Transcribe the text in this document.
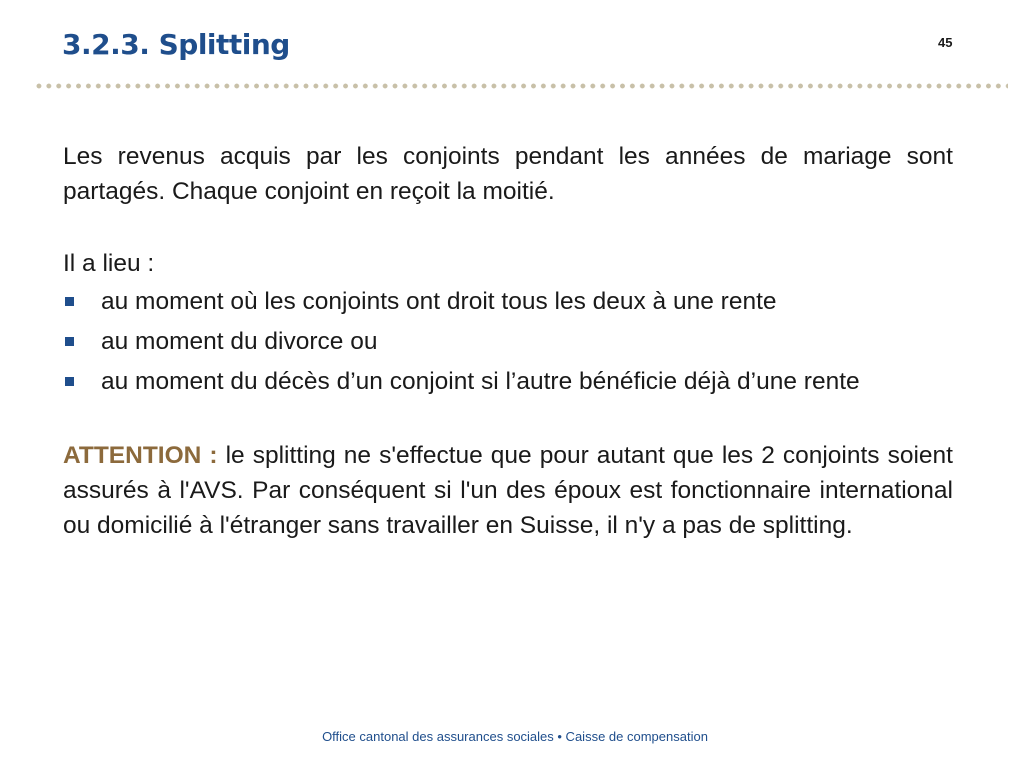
3.2.3. Splitting	45

Les revenus acquis par les conjoints pendant les années de mariage sont partagés. Chaque conjoint en reçoit la moitié.

Il a lieu :

au moment où les conjoints ont droit tous les deux à une rente
au moment du divorce ou
au moment du décès d’un conjoint si l’autre bénéficie déjà d’une rente

ATTENTION : le splitting ne s'effectue que pour autant que les 2 conjoints soient assurés à l'AVS. Par conséquent si l'un des époux est fonctionnaire international ou domicilié à l'étranger sans travailler en Suisse, il n'y a pas de splitting.

Office cantonal des assurances sociales • Caisse de compensation
